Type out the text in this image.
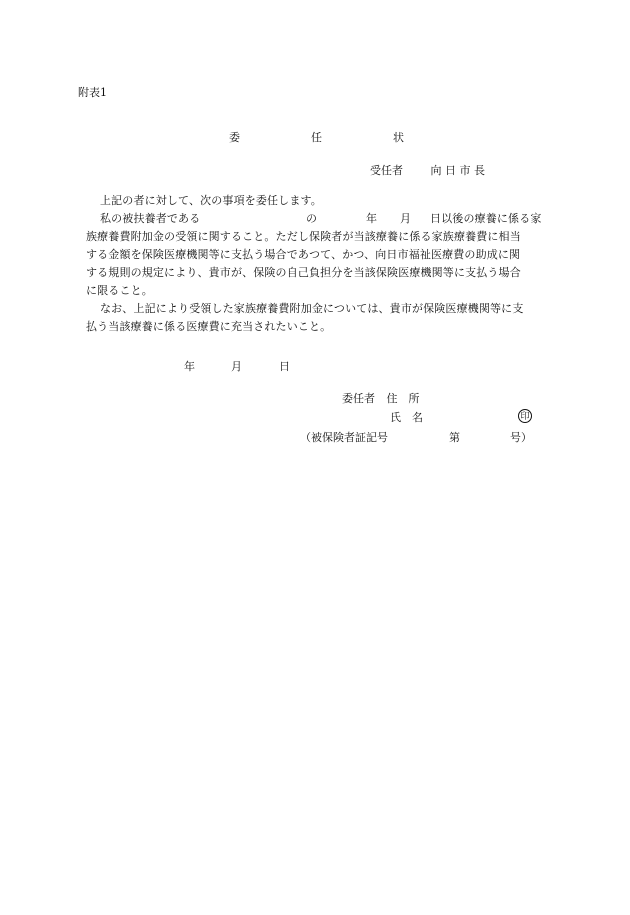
附表1
委	任	状
受任者	向 日 市 長
上記の者に対して、次の事項を委任します。
私の被扶養者である	の	年 月 日以後の療養に係る家
族療養費附加金の受領に関すること。ただし保険者が当該療養に係る家族療養費に相当
する金額を保険医療機関等に支払う場合であつて、かつ、向日市福祉医療費の助成に関
する規則の規定により、貴市が、保険の自己負担分を当該保険医療機関等に支払う場合
に限ること。
なお、上記により受領した家族療養費附加金については、貴市が保険医療機関等に支
払う当該療養に係る医療費に充当されたいこと。
年	月	日
委任者 住　所
氏　名	印
（被保険者証記号	第	号）
